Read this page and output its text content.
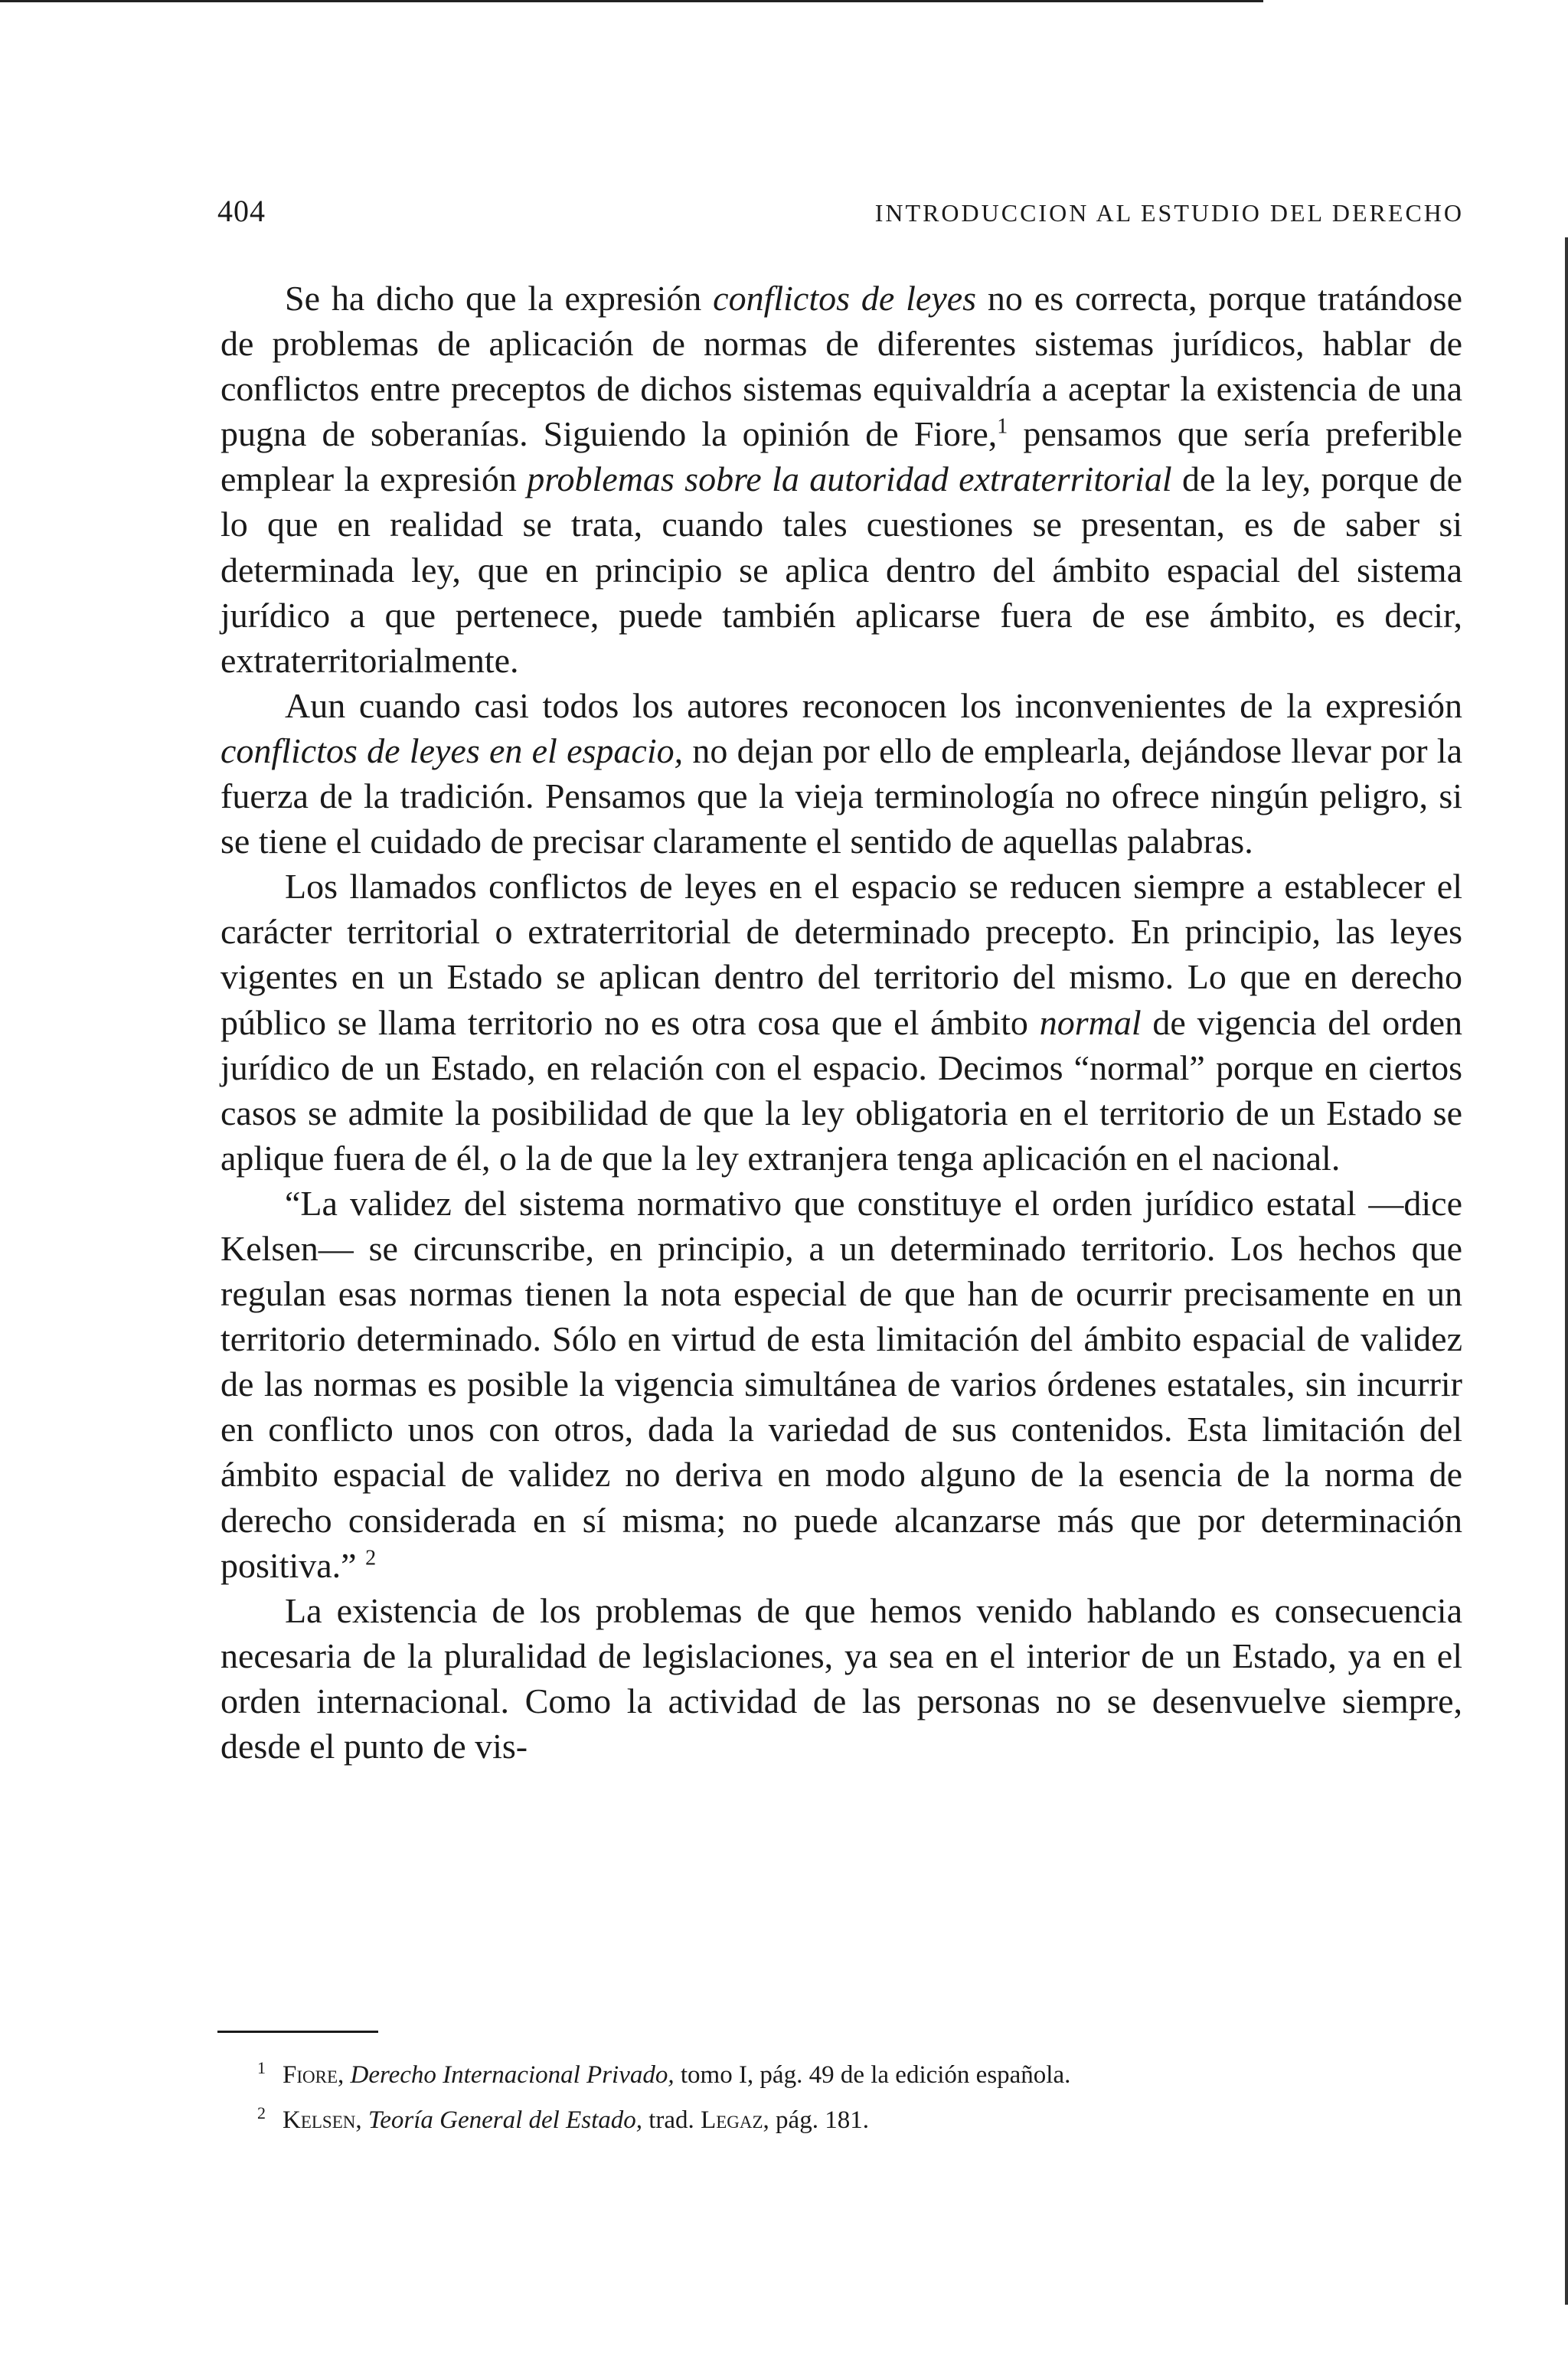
404	INTRODUCCION AL ESTUDIO DEL DERECHO

Se ha dicho que la expresión conflictos de leyes no es correcta, porque tratándose de problemas de aplicación de normas de diferentes sistemas jurídicos, hablar de conflictos entre preceptos de dichos sistemas equivaldría a aceptar la existencia de una pugna de soberanías. Siguiendo la opinión de Fiore,$^1$ pensamos que sería preferible emplear la expresión problemas sobre la autoridad extraterritorial de la ley, porque de lo que en realidad se trata, cuando tales cuestiones se presentan, es de saber si determinada ley, que en principio se aplica dentro del ámbito espacial del sistema jurídico a que pertenece, puede también aplicarse fuera de ese ámbito, es decir, extraterritorialmente.

Aun cuando casi todos los autores reconocen los inconvenientes de la expresión conflictos de leyes en el espacio, no dejan por ello de emplearla, dejándose llevar por la fuerza de la tradición. Pensamos que la vieja terminología no ofrece ningún peligro, si se tiene el cuidado de precisar claramente el sentido de aquellas palabras.

Los llamados conflictos de leyes en el espacio se reducen siempre a establecer el carácter territorial o extraterritorial de determinado precepto. En principio, las leyes vigentes en un Estado se aplican dentro del territorio del mismo. Lo que en derecho público se llama territorio no es otra cosa que el ámbito normal de vigencia del orden jurídico de un Estado, en relación con el espacio. Decimos “normal” porque en ciertos casos se admite la posibilidad de que la ley obligatoria en el territorio de un Estado se aplique fuera de él, o la de que la ley extranjera tenga aplicación en el nacional.

“La validez del sistema normativo que constituye el orden jurídico estatal —dice Kelsen— se circunscribe, en principio, a un determinado territorio. Los hechos que regulan esas normas tienen la nota especial de que han de ocurrir precisamente en un territorio determinado. Sólo en virtud de esta limitación del ámbito espacial de validez de las normas es posible la vigencia simultánea de varios órdenes estatales, sin incurrir en conflicto unos con otros, dada la variedad de sus contenidos. Esta limitación del ámbito espacial de validez no deriva en modo alguno de la esencia de la norma de derecho considerada en sí misma; no puede alcanzarse más que por determinación positiva.” $^2$

La existencia de los problemas de que hemos venido hablando es consecuencia necesaria de la pluralidad de legislaciones, ya sea en el interior de un Estado, ya en el orden internacional. Como la actividad de las personas no se desenvuelve siempre, desde el punto de vis-

$^1$ Fiore, Derecho Internacional Privado, tomo I, pág. 49 de la edición española.

$^2$ Kelsen, Teoría General del Estado, trad. Legaz, pág. 181.
